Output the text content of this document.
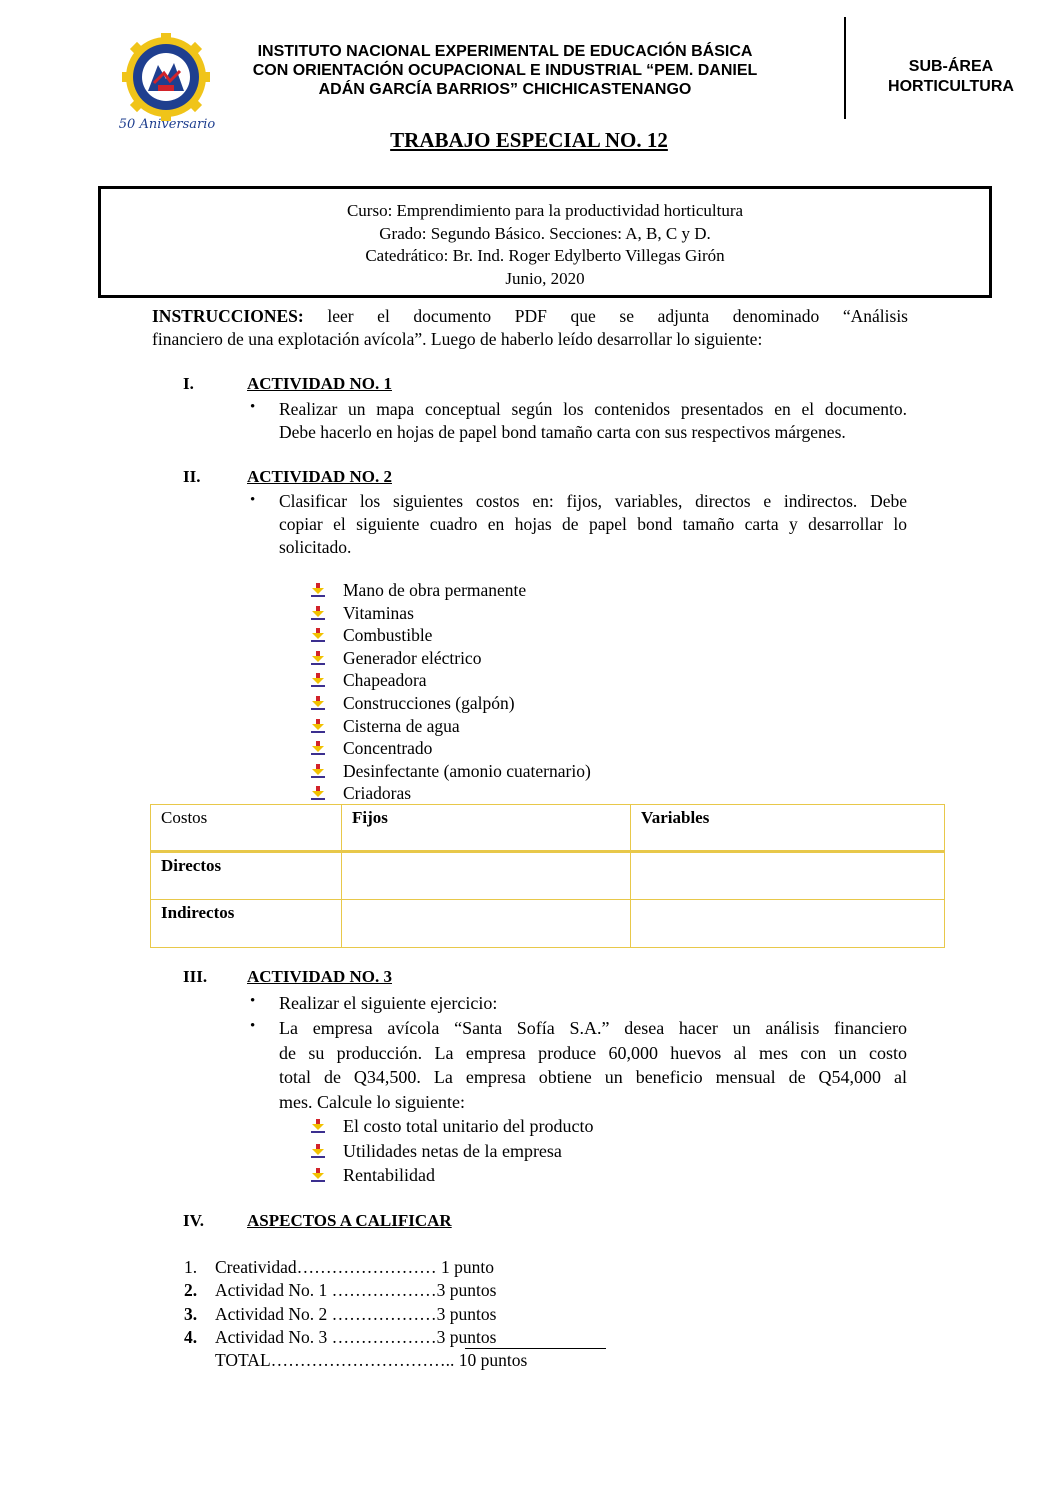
50 Aniversario
INSTITUTO NACIONAL EXPERIMENTAL DE EDUCACIÓN BÁSICA
CON ORIENTACIÓN OCUPACIONAL E INDUSTRIAL “PEM. DANIEL
ADÁN GARCÍA BARRIOS” CHICHICASTENANGO
SUB-ÁREA
HORTICULTURA
TRABAJO ESPECIAL NO. 12
Curso: Emprendimiento para la productividad horticultura
Grado: Segundo Básico. Secciones: A, B, C y D.
Catedrático: Br. Ind. Roger Edylberto Villegas Girón
Junio, 2020
INSTRUCCIONES: leer el documento PDF que se adjunta denominado “Análisis
financiero de una explotación avícola”. Luego de haberlo leído desarrollar lo siguiente:
I.	ACTIVIDAD NO. 1
• Realizar un mapa conceptual según los contenidos presentados en el documento.
Debe hacerlo en hojas de papel bond tamaño carta con sus respectivos márgenes.
II.	ACTIVIDAD NO. 2
• Clasificar los siguientes costos en: fijos, variables, directos e indirectos. Debe
copiar el siguiente cuadro en hojas de papel bond tamaño carta y desarrollar lo
solicitado.
Mano de obra permanente
Vitaminas
Combustible
Generador eléctrico
Chapeadora
Construcciones (galpón)
Cisterna de agua
Concentrado
Desinfectante (amonio cuaternario)
Criadoras
Costos	Fijos	Variables
Directos		
Indirectos		
III. ACTIVIDAD NO. 3
• Realizar el siguiente ejercicio:
• La empresa avícola “Santa Sofía S.A.” desea hacer un análisis financiero
de su producción. La empresa produce 60,000 huevos al mes con un costo
total de Q34,500. La empresa obtiene un beneficio mensual de Q54,000 al
mes. Calcule lo siguiente:
El costo total unitario del producto
Utilidades netas de la empresa
Rentabilidad
IV.	ASPECTOS A CALIFICAR
1. Creatividad…………………… 1 punto
2. Actividad No. 1 ………………3 puntos
3. Actividad No. 2 ………………3 puntos
4. Actividad No. 3 ………………3 puntos
TOTAL………………………….. 10 puntos
